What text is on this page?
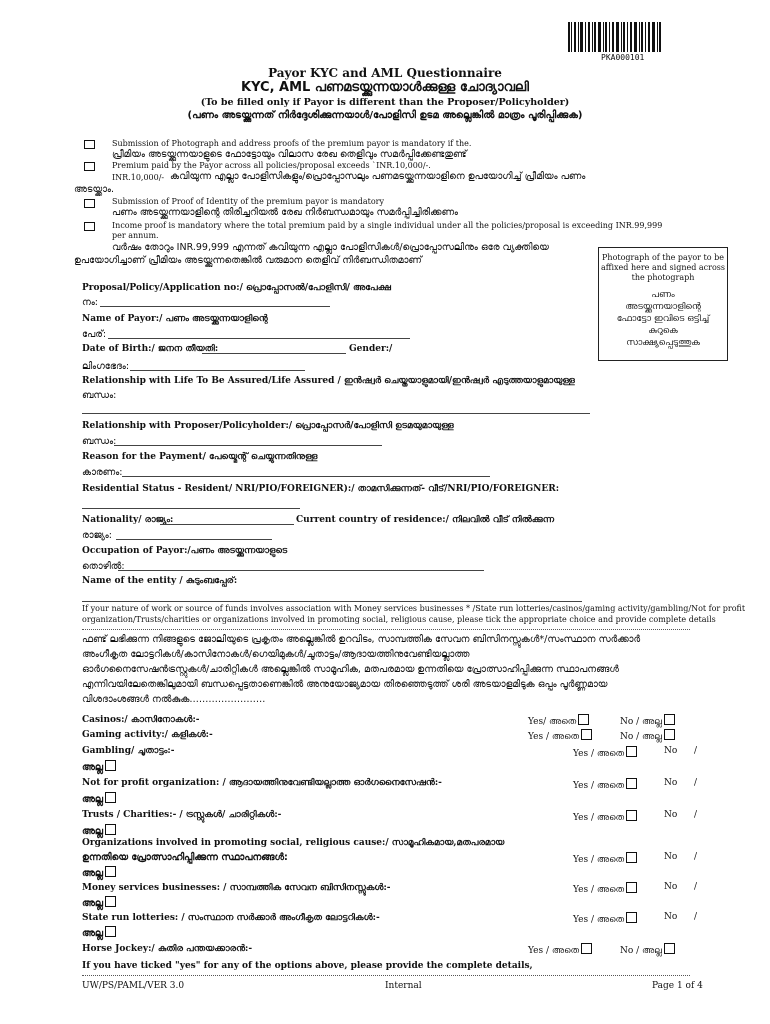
PKA000101
Payor KYC and AML Questionnaire
KYC, AML പണമടയ്ക്കുന്നയാൾക്കുള്ള ചോദ്യാവലി
(To be filled only if Payor is different than the Proposer/Policyholder)
(പണം അടയ്ക്കുന്നത് നിർദ്ദേശിക്കുന്നയാൾ/പോളിസി ഉടമ അല്ലെങ്കിൽ മാത്രം പൂരിപ്പിക്കുക)
Submission of Photograph and address proofs of the premium payor is mandatory if the.
പ്രീമിയം അടയ്ക്കുന്നയാളുടെ ഫോട്ടോയും വിലാസ രേഖ തെളിവും സമർപ്പിക്കേണ്ടതുണ്ട്
Premium paid by the Payor across all policies/proposal exceeds `INR.10,000/-.
INR.10,000/- കവിയുന്ന എല്ലാ പോളിസികളും/പ്രൊപ്പോസലും പണമടയ്ക്കുന്നയാളിനെ ഉപയോഗിച്ച് പ്രീമിയം പണം
അടയ്ക്കാം.
Submission of Proof of Identity of the premium payor is mandatory
പണം അടയ്ക്കുന്നയാളിന്റെ തിരിച്ചറിയൽ രേഖ നിർബന്ധമായും സമർപ്പിച്ചിരിക്കണം
Income proof is mandatory where the total premium paid by a single individual under all the policies/proposal is exceeding INR.99,999
per annum.
വർഷം തോറും INR.99,999 എന്നത് കവിയുന്ന എല്ലാ പോളിസികൾ/പ്രൊപ്പോസലിനും ഒരേ വ്യക്തിയെ
ഉപയോഗിച്ചാണ് പ്രീമിയം അടയ്ക്കുന്നതെങ്കിൽ വരുമാന തെളിവ് നിർബന്ധിതമാണ്	Photograph of the payor to be
affixed here and signed across
the photograph
പണം
അടയ്ക്കുന്നയാളിന്റെ
ഫോട്ടോ ഇവിടെ ഒട്ടിച്ച്
കുറുകെ
സാക്ഷ്യപ്പെടുത്തുക
Proposal/Policy/Application no:/ പ്രൊപ്പോസൽ/പോളിസി/ അപേക്ഷ
നം:
Name of Payor:/ പണം അടയ്ക്കുന്നയാളിന്റെ
പേര്:
Date of Birth:/ ജനന തീയതി:	Gender:/
ലിംഗഭേദം:
Relationship with Life To Be Assured/Life Assured / ഇൻഷ്വർ ചെയ്തയാളുമായി/ഇൻഷ്വർ എടുത്തയാളുമായുള്ള
ബന്ധം:
Relationship with Proposer/Policyholder:/ പ്രൊപ്പോസർ/പോളിസി ഉടമയുമായുള്ള
ബന്ധം:
Reason for the Payment/ പേയ്മെന്റ് ചെയ്യുന്നതിനുള്ള
കാരണം:
Residential Status - Resident/ NRI/PIO/FOREIGNER):/ താമസിക്കുന്നത്- വീട്/NRI/PIO/FOREIGNER:
Nationality/ രാജ്യം:	Current country of residence:/ നിലവിൽ വീട് നിൽക്കുന്ന
രാജ്യം:
Occupation of Payor:/പണം അടയ്ക്കുന്നയാളുടെ
തൊഴിൽ:
Name of the entity / കുടുംബപ്പേര്:
If your nature of work or source of funds involves association with Money services businesses * /State run lotteries/casinos/gaming activity/gambling/Not for profit
organization/Trusts/charities or organizations involved in promoting social, religious cause, please tick the appropriate choice and provide complete details
ഫണ്ട് ലഭിക്കുന്ന നിങ്ങളുടെ ജോലിയുടെ പ്രകൃതം അല്ലെങ്കിൽ ഉറവിടം, സാമ്പത്തിക സേവന ബിസിനസ്സുകൾ*/സംസ്ഥാന സർക്കാർ
അംഗീകൃത ലോട്ടറികൾ/കാസിനോകൾ/ഗെയിമുകൾ/ചൂതാട്ടം/ആദായത്തിനുവേണ്ടിയല്ലാത്ത
ഓർഗനൈസേഷൻട്രസ്റ്റുകൾ/ചാരിറ്റികൾ അല്ലെങ്കിൽ സാമൂഹിക, മതപരമായ ഉന്നതിയെ പ്രോത്സാഹിപ്പിക്കുന്ന സ്ഥാപനങ്ങൾ
എന്നിവയിലേതെങ്കിലുമായി ബന്ധപ്പെട്ടതാണെങ്കിൽ അനുയോജ്യമായ തിരഞ്ഞെടുത്ത് ശരി അടയാളമിടുക ഒപ്പം പൂർണ്ണമായ
വിശദാംശങ്ങൾ നൽകുക……………………
Casinos:/ കാസിനോകൾ:-	Yes/ അതെ	No / അല്ല
Gaming activity:/ കളികൾ:-	Yes / അതെ	No / അല്ല
Gambling/ ചൂതാട്ടം:-	Yes / അതെ	No /
അല്ല
Not for profit organization: / ആദായത്തിനുവേണ്ടിയല്ലാത്ത ഓർഗനൈസേഷൻ:-	Yes / അതെ	No /
അല്ല
Trusts / Charities:- / ട്രസ്റ്റുകൾ/ ചാരിറ്റികൾ:-	Yes / അതെ	No /
അല്ല
Organizations involved in promoting social, religious cause:/ സാമൂഹികമായ,മതപരമായ
ഉന്നതിയെ പ്രോത്സാഹിപ്പിക്കുന്ന സ്ഥാപനങ്ങൾ:	Yes / അതെ	No /
അല്ല
Money services businesses: / സാമ്പത്തിക സേവന ബിസിനസ്സുകൾ:-	Yes / അതെ	No /
അല്ല
State run lotteries: / സംസ്ഥാന സർക്കാർ അംഗീകൃത ലോട്ടറികൾ:-	Yes / അതെ	No /
അല്ല
Horse Jockey:/ കുതിര പന്തയക്കാരൻ:-	Yes / അതെ	No / അല്ല
If you have ticked "yes" for any of the options above, please provide the complete details,
UW/PS/PAML/VER 3.0	Internal	Page 1 of 4
